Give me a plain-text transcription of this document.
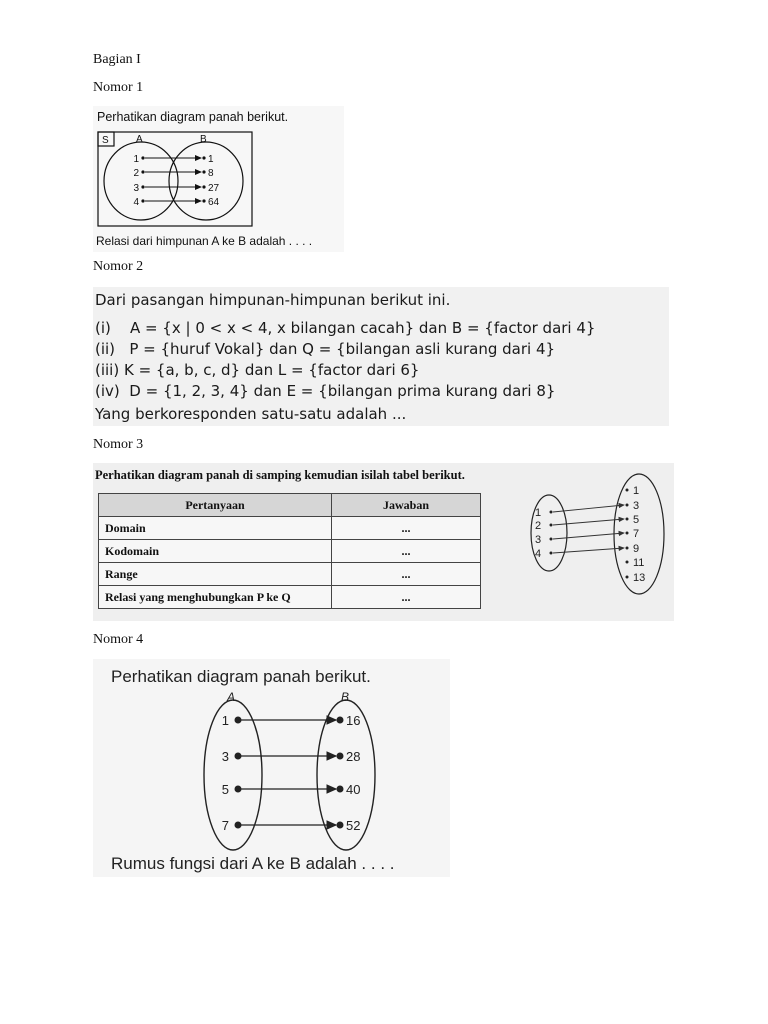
Bagian I
Nomor 1
Perhatikan diagram panah berikut.
S	A	B
1	1
2	8
3	27
4	64
Relasi dari himpunan A ke B adalah . . . .
Nomor 2
Dari pasangan himpunan-himpunan berikut ini.
(i)    A = {x | 0 < x < 4, x bilangan cacah} dan B = {factor dari 4}
(ii)   P = {huruf Vokal} dan Q = {bilangan asli kurang dari 4}
(iii) K = {a, b, c, d} dan L = {factor dari 6}
(iv)  D = {1, 2, 3, 4} dan E = {bilangan prima kurang dari 8}
Yang berkoresponden satu-satu adalah ...
Nomor 3
Perhatikan diagram panah di samping kemudian isilah tabel berikut.
Pertanyaan	Jawaban
Domain	...
Kodomain	...
Range	...
Relasi yang menghubungkan P ke Q	...
1
3
5
7
9
11
13
1
2
3
4
Nomor 4
Perhatikan diagram panah berikut.
A	B
1	16
3	28
5	40
7	52
Rumus fungsi dari A ke B adalah . . . .
